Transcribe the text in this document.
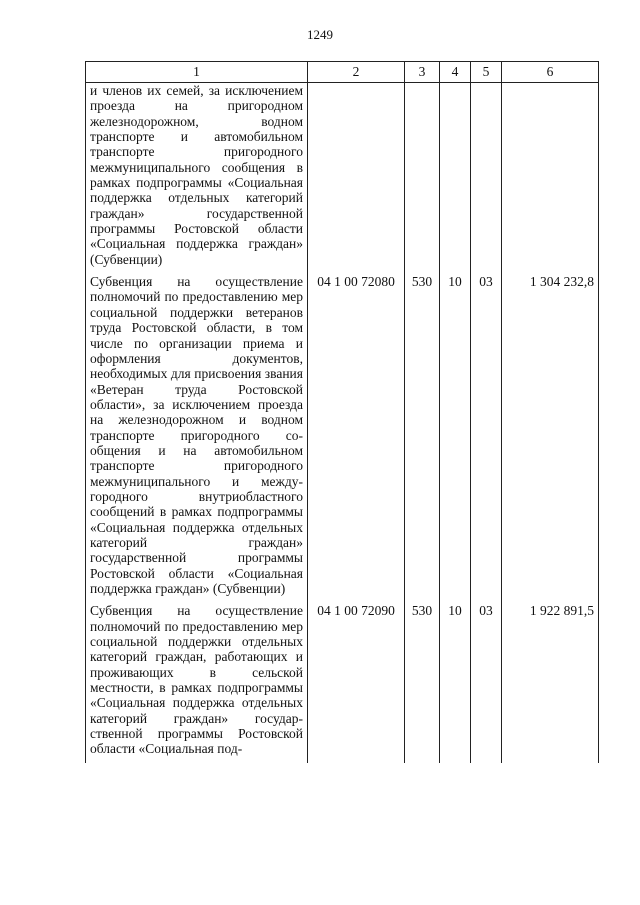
1249
1	2	3	4	5	6
и членов их семей, за исключением проезда на пригородном железнодорожном, водном транспорте и автомобильном транспорте пригородного межмуниципального сообщения в рамках подпрограммы «Социальная поддержка отдельных категорий граждан» государственной программы Ростовской области «Социальная поддержка граждан» (Субвенции)					
Субвенция на осуществление полномочий по предоставлению мер социальной поддержки ветеранов труда Ростовской области, в том числе по организации приема и оформления документов, необходимых для присвоения звания «Ветеран труда Ростовской области», за исключением проезда на железнодорожном и водном транспорте пригородного сообщения и на автомобильном транспорте пригородного межмуниципального и междугородного внутриобластного сообщений в рамках подпрограммы «Социальная поддержка отдельных категорий граждан» государственной программы Ростовской области «Социальная поддержка граждан» (Субвенции)	04 1 00 72080	530	10	03	1 304 232,8
Субвенция на осуществление полномочий по предоставлению мер социальной поддержки отдельных категорий граждан, работающих и проживающих в сельской местности, в рамках подпрограммы «Социальная поддержка отдельных категорий граждан» государственной программы Ростовской области «Социальная под-	04 1 00 72090	530	10	03	1 922 891,5
